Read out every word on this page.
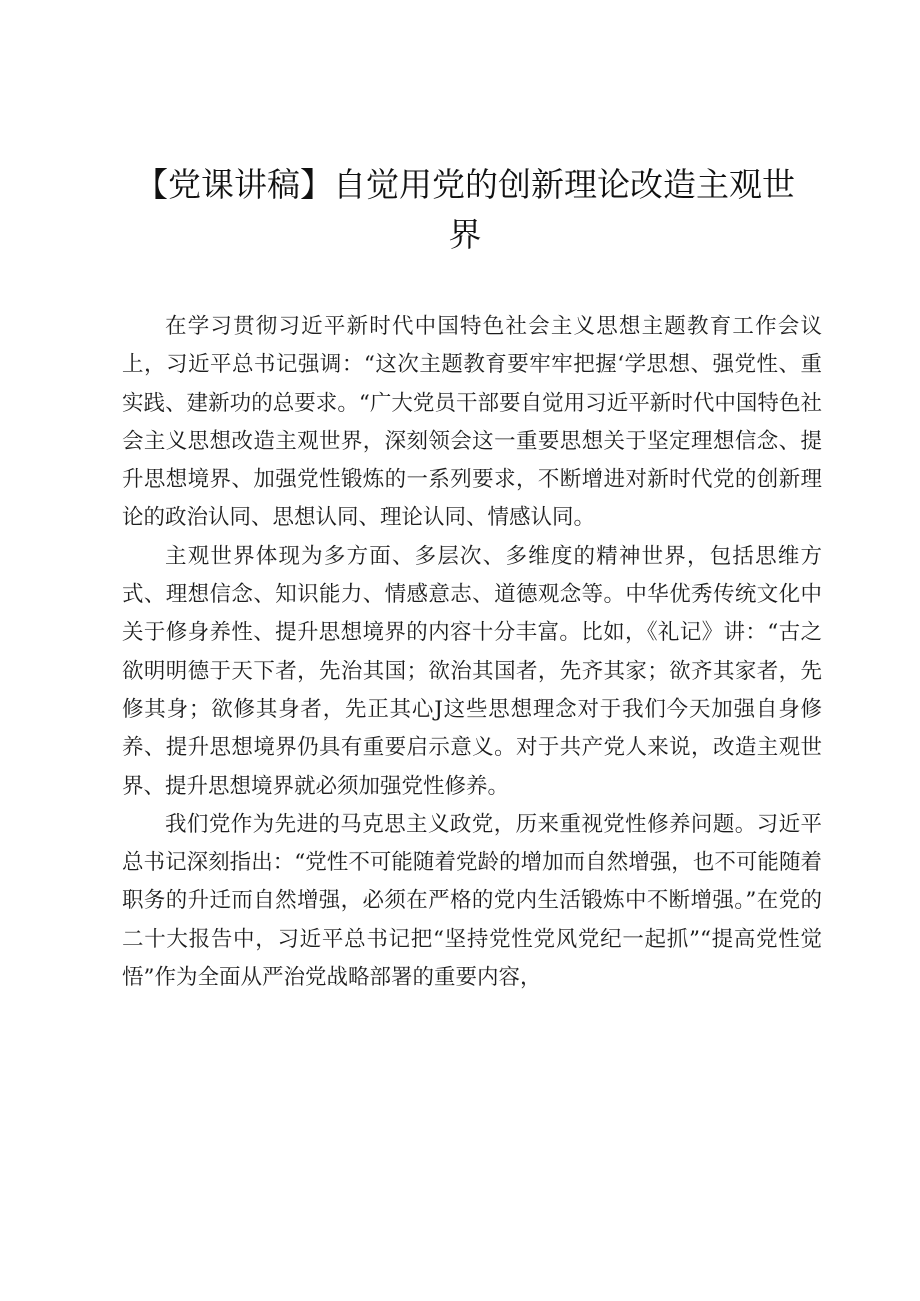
【党课讲稿】自觉用党的创新理论改造主观世界

在学习贯彻习近平新时代中国特色社会主义思想主题教育工作会议上，习近平总书记强调：“这次主题教育要牢牢把握‘学思想、强党性、重实践、建新功的总要求。“广大党员干部要自觉用习近平新时代中国特色社会主义思想改造主观世界，深刻领会这一重要思想关于坚定理想信念、提升思想境界、加强党性锻炼的一系列要求，不断增进对新时代党的创新理论的政治认同、思想认同、理论认同、情感认同。

主观世界体现为多方面、多层次、多维度的精神世界，包括思维方式、理想信念、知识能力、情感意志、道德观念等。中华优秀传统文化中关于修身养性、提升思想境界的内容十分丰富。比如，《礼记》讲：“古之欲明明德于天下者，先治其国；欲治其国者，先齐其家；欲齐其家者，先修其身；欲修其身者，先正其心J这些思想理念对于我们今天加强自身修养、提升思想境界仍具有重要启示意义。对于共产党人来说，改造主观世界、提升思想境界就必须加强党性修养。

我们党作为先进的马克思主义政党，历来重视党性修养问题。习近平总书记深刻指出：“党性不可能随着党龄的增加而自然增强，也不可能随着职务的升迁而自然增强，必须在严格的党内生活锻炼中不断增强。”在党的二十大报告中，习近平总书记把“坚持党性党风党纪一起抓”“提高党性觉悟”作为全面从严治党战略部署的重要内容，
